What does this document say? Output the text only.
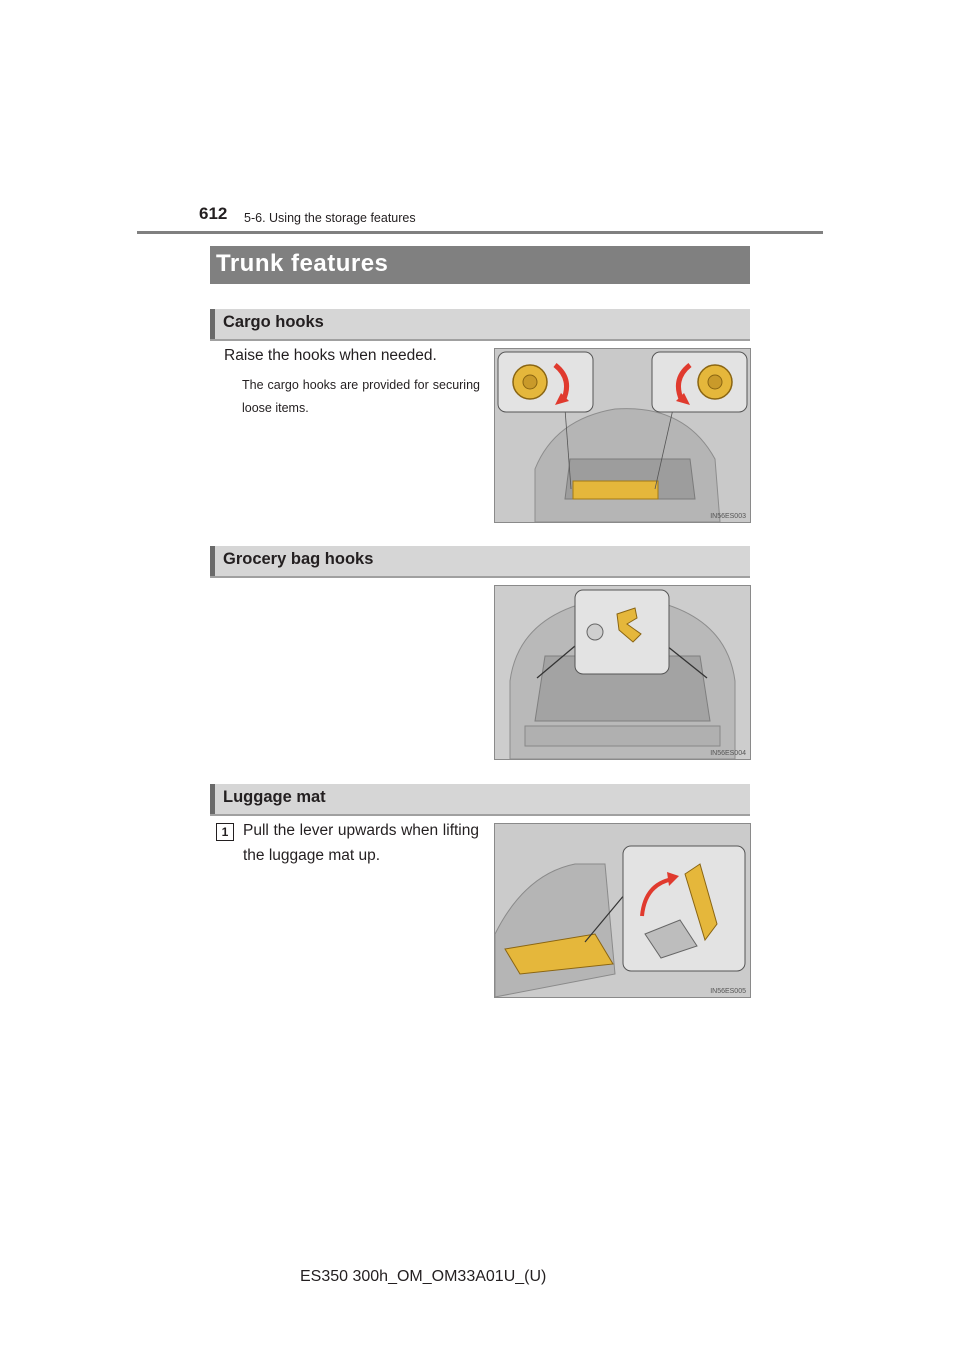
612 5-6. Using the storage features
Trunk features
Cargo hooks
Raise the hooks when needed.
The cargo hooks are provided for securing loose items.
IN56ES003
Grocery bag hooks
IN56ES004
Luggage mat
1 Pull the lever upwards when lifting the luggage mat up.
IN56ES005
ES350 300h_OM_OM33A01U_(U)
